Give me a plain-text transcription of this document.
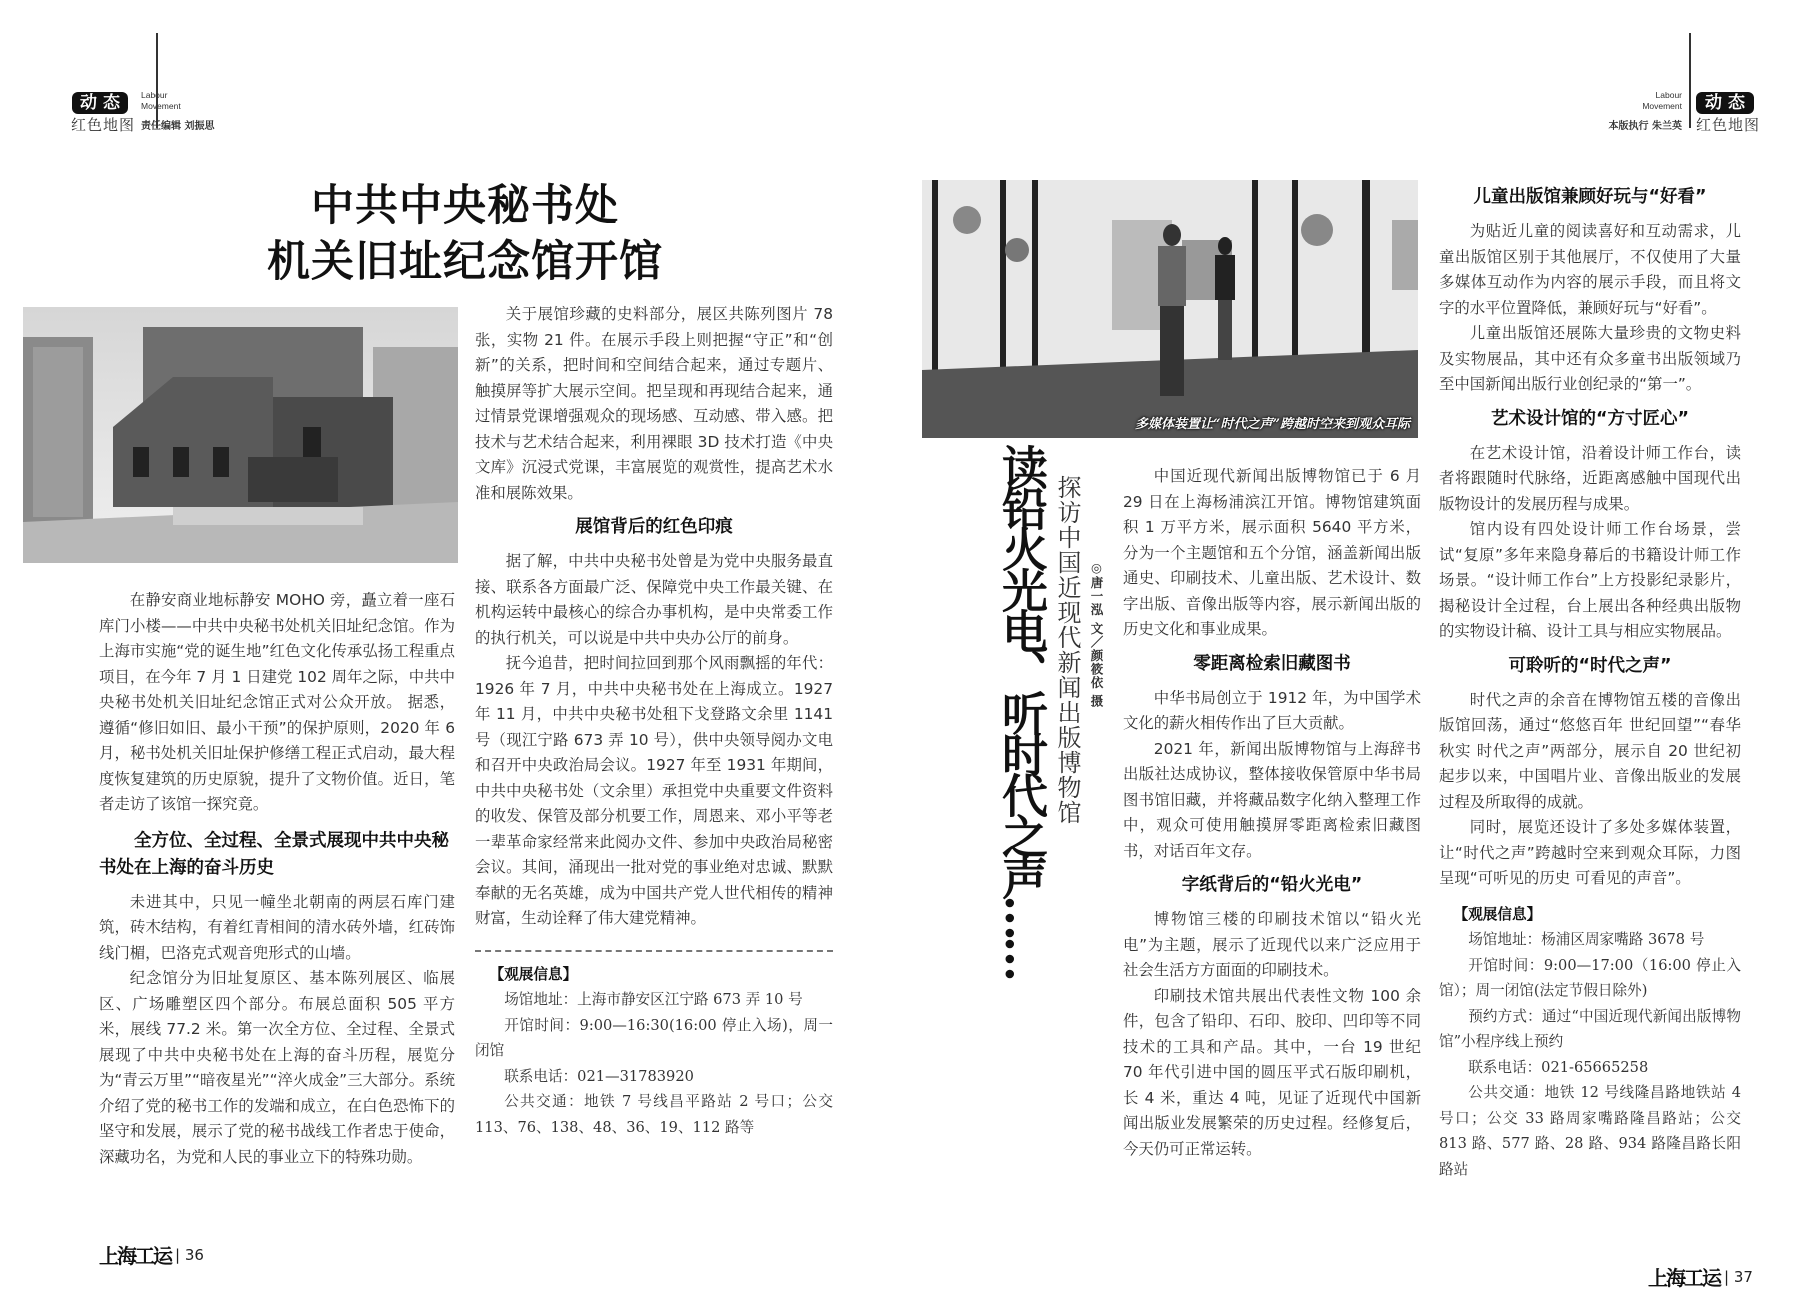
动态
红色地图
Labour
Movement
责任编辑 刘振思
中共中央秘书处
机关旧址纪念馆开馆

在静安商业地标静安 MOHO 旁，矗立着一座石库门小楼——中共中央秘书处机关旧址纪念馆。作为上海市实施“党的诞生地”红色文化传承弘扬工程重点项目，在今年 7 月 1 日建党 102 周年之际，中共中央秘书处机关旧址纪念馆正式对公众开放。 据悉，遵循“修旧如旧、最小干预”的保护原则，2020 年 6 月，秘书处机关旧址保护修缮工程正式启动，最大程度恢复建筑的历史原貌，提升了文物价值。近日，笔者走访了该馆一探究竟。

全方位、全过程、全景式展现中共中央秘书处在上海的奋斗历史

未进其中，只见一幢坐北朝南的两层石库门建筑，砖木结构，有着红青相间的清水砖外墙，红砖饰线门楣，巴洛克式观音兜形式的山墙。

纪念馆分为旧址复原区、基本陈列展区、临展区、广场雕塑区四个部分。布展总面积 505 平方米，展线 77.2 米。第一次全方位、全过程、全景式展现了中共中央秘书处在上海的奋斗历程，展览分为“青云万里”“暗夜星光”“淬火成金”三大部分。系统介绍了党的秘书工作的发端和成立，在白色恐怖下的坚守和发展，展示了党的秘书战线工作者忠于使命，深藏功名，为党和人民的事业立下的特殊功勋。

关于展馆珍藏的史料部分，展区共陈列图片 78 张，实物 21 件。在展示手段上则把握“守正”和“创新”的关系，把时间和空间结合起来，通过专题片、触摸屏等扩大展示空间。把呈现和再现结合起来，通过情景党课增强观众的现场感、互动感、带入感。把技术与艺术结合起来，利用裸眼 3D 技术打造《中央文库》沉浸式党课，丰富展览的观赏性，提高艺术水准和展陈效果。

展馆背后的红色印痕

据了解，中共中央秘书处曾是为党中央服务最直接、联系各方面最广泛、保障党中央工作最关键、在机构运转中最核心的综合办事机构，是中央常委工作的执行机关，可以说是中共中央办公厅的前身。

抚今追昔，把时间拉回到那个风雨飘摇的年代：1926 年 7 月，中共中央秘书处在上海成立。1927 年 11 月，中共中央秘书处租下戈登路文余里 1141 号（现江宁路 673 弄 10 号），供中央领导阅办文电和召开中央政治局会议。1927 年至 1931 年期间，中共中央秘书处（文余里）承担党中央重要文件资料的收发、保管及部分机要工作，周恩来、邓小平等老一辈革命家经常来此阅办文件、参加中央政治局秘密会议。其间，涌现出一批对党的事业绝对忠诚、默默奉献的无名英雄，成为中国共产党人世代相传的精神财富，生动诠释了伟大建党精神。

【观展信息】

场馆地址：上海市静安区江宁路 673 弄 10 号

开馆时间：9:00—16:30(16:00 停止入场)，周一闭馆

联系电话：021—31783920

公共交通：地铁 7 号线昌平路站 2 号口；公交 113、76、138、48、36、19、112 路等

上海工运 | 36
动态
红色地图
Labour
Movement
本版执行 朱兰英
多媒体装置让“时代之声”跨越时空来到观众耳际
读铅火光电、听时代之声…… 探访中国近现代新闻出版博物馆 ◎唐一泓 文／颜筱依 摄

中国近现代新闻出版博物馆已于 6 月 29 日在上海杨浦滨江开馆。博物馆建筑面积 1 万平方米，展示面积 5640 平方米，分为一个主题馆和五个分馆，涵盖新闻出版通史、印刷技术、儿童出版、艺术设计、数字出版、音像出版等内容，展示新闻出版的历史文化和事业成果。

零距离检索旧藏图书

中华书局创立于 1912 年，为中国学术文化的薪火相传作出了巨大贡献。

2021 年，新闻出版博物馆与上海辞书出版社达成协议，整体接收保管原中华书局图书馆旧藏，并将藏品数字化纳入整理工作中，观众可使用触摸屏零距离检索旧藏图书，对话百年文存。

字纸背后的“铅火光电”

博物馆三楼的印刷技术馆以“铅火光电”为主题，展示了近现代以来广泛应用于社会生活方方面面的印刷技术。

印刷技术馆共展出代表性文物 100 余件，包含了铅印、石印、胶印、凹印等不同技术的工具和产品。其中，一台 19 世纪 70 年代引进中国的圆压平式石版印刷机，长 4 米，重达 4 吨，见证了近现代中国新闻出版业发展繁荣的历史过程。经修复后，今天仍可正常运转。

儿童出版馆兼顾好玩与“好看”

为贴近儿童的阅读喜好和互动需求，儿童出版馆区别于其他展厅，不仅使用了大量多媒体互动作为内容的展示手段，而且将文字的水平位置降低，兼顾好玩与“好看”。

儿童出版馆还展陈大量珍贵的文物史料及实物展品，其中还有众多童书出版领域乃至中国新闻出版行业创纪录的“第一”。

艺术设计馆的“方寸匠心”

在艺术设计馆，沿着设计师工作台，读者将跟随时代脉络，近距离感触中国现代出版物设计的发展历程与成果。

馆内设有四处设计师工作台场景，尝试“复原”多年来隐身幕后的书籍设计师工作场景。“设计师工作台”上方投影纪录影片，揭秘设计全过程，台上展出各种经典出版物的实物设计稿、设计工具与相应实物展品。

可聆听的“时代之声”

时代之声的余音在博物馆五楼的音像出版馆回荡，通过“悠悠百年 世纪回望”“春华秋实 时代之声”两部分，展示自 20 世纪初起步以来，中国唱片业、音像出版业的发展过程及所取得的成就。

同时，展览还设计了多处多媒体装置，让“时代之声”跨越时空来到观众耳际，力图呈现“可听见的历史 可看见的声音”。

【观展信息】

场馆地址：杨浦区周家嘴路 3678 号

开馆时间：9:00—17:00（16:00 停止入馆）；周一闭馆(法定节假日除外)

预约方式：通过“中国近现代新闻出版博物馆”小程序线上预约

联系电话：021-65665258

公共交通：地铁 12 号线隆昌路地铁站 4 号口；公交 33 路周家嘴路隆昌路站；公交 813 路、577 路、28 路、934 路隆昌路长阳路站

上海工运 | 37
